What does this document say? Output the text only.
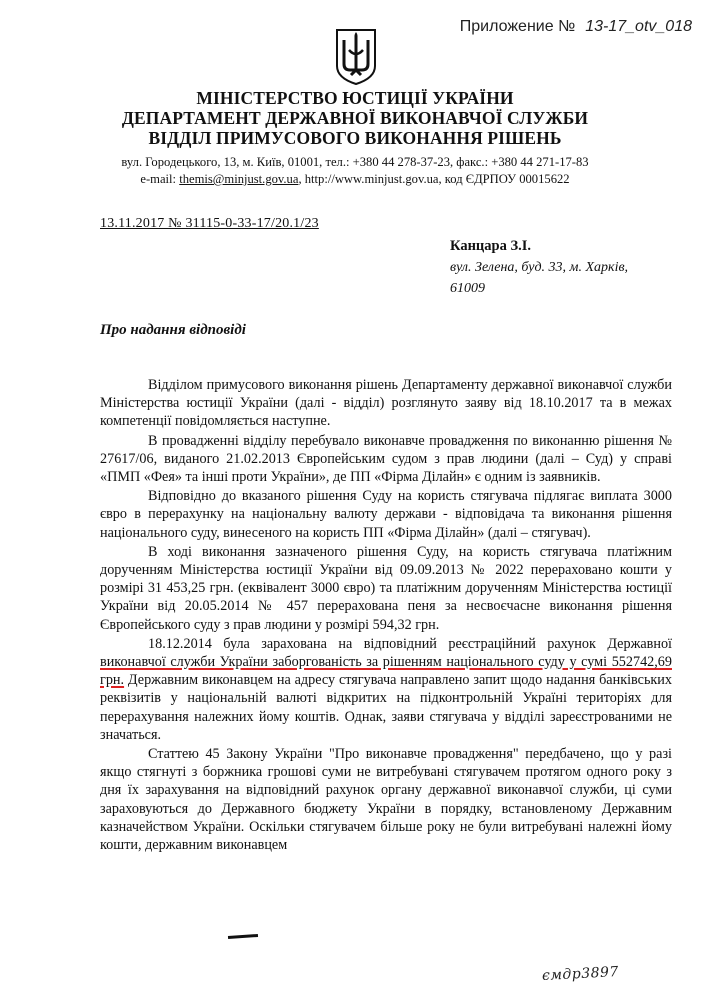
Приложение № 13-17_otv_018
МІНІСТЕРСТВО ЮСТИЦІЇ УКРАЇНИ
ДЕПАРТАМЕНТ ДЕРЖАВНОЇ ВИКОНАВЧОЇ СЛУЖБИ
ВІДДІЛ ПРИМУСОВОГО ВИКОНАННЯ РІШЕНЬ
вул. Городецького, 13, м. Київ, 01001, тел.: +380 44 278-37-23, факс.: +380 44 271-17-83
e-mail: themis@minjust.gov.ua, http://www.minjust.gov.ua, код ЄДРПОУ 00015622
13.11.2017 № 31115-0-33-17/20.1/23
Канцара З.І.
вул. Зелена, буд. 33, м. Харків,
61009
Про надання відповіді

Відділом примусового виконання рішень Департаменту державної виконавчої служби Міністерства юстиції України (далі - відділ) розглянуто заяву від 18.10.2017 та в межах компетенції повідомляється наступне.

В провадженні відділу перебувало виконавче провадження по виконанню рішення № 27617/06, виданого 21.02.2013 Європейським судом з прав людини (далі – Суд) у справі «ПМП «Фея» та інші проти України», де ПП «Фірма Ділайн» є одним із заявників.

Відповідно до вказаного рішення Суду на користь стягувача підлягає виплата 3000 євро в перерахунку на національну валюту держави - відповідача та виконання рішення національного суду, винесеного на користь ПП «Фірма Ділайн» (далі – стягувач).

В ході виконання зазначеного рішення Суду, на користь стягувача платіжним дорученням Міністерства юстиції України від 09.09.2013 № 2022 перераховано кошти у розмірі 31 453,25 грн. (еквівалент 3000 євро) та платіжним дорученням Міністерства юстиції України від 20.05.2014 № 457 перерахована пеня за несвоєчасне виконання рішення Європейського суду з прав людини у розмірі 594,32 грн.

18.12.2014 була зарахована на відповідний реєстраційний рахунок Державної виконавчої служби України заборгованість за рішенням національного суду у сумі 552742,69 грн. Державним виконавцем на адресу стягувача направлено запит щодо надання банківських реквізитів у національній валюті відкритих на підконтрольній Україні територіях для перерахування належних йому коштів. Однак, заяви стягувача у відділі зареєстрованими не значаться.

Статтею 45 Закону України "Про виконавче провадження" передбачено, що у разі якщо стягнуті з боржника грошові суми не витребувані стягувачем протягом одного року з дня їх зарахування на відповідний рахунок органу державної виконавчої служби, ці суми зараховуються до Державного бюджету України в порядку, встановленому Державним казначейством України. Оскільки стягувачем більше року не були витребувані належні йому кошти, державним виконавцем

ємдр3897
